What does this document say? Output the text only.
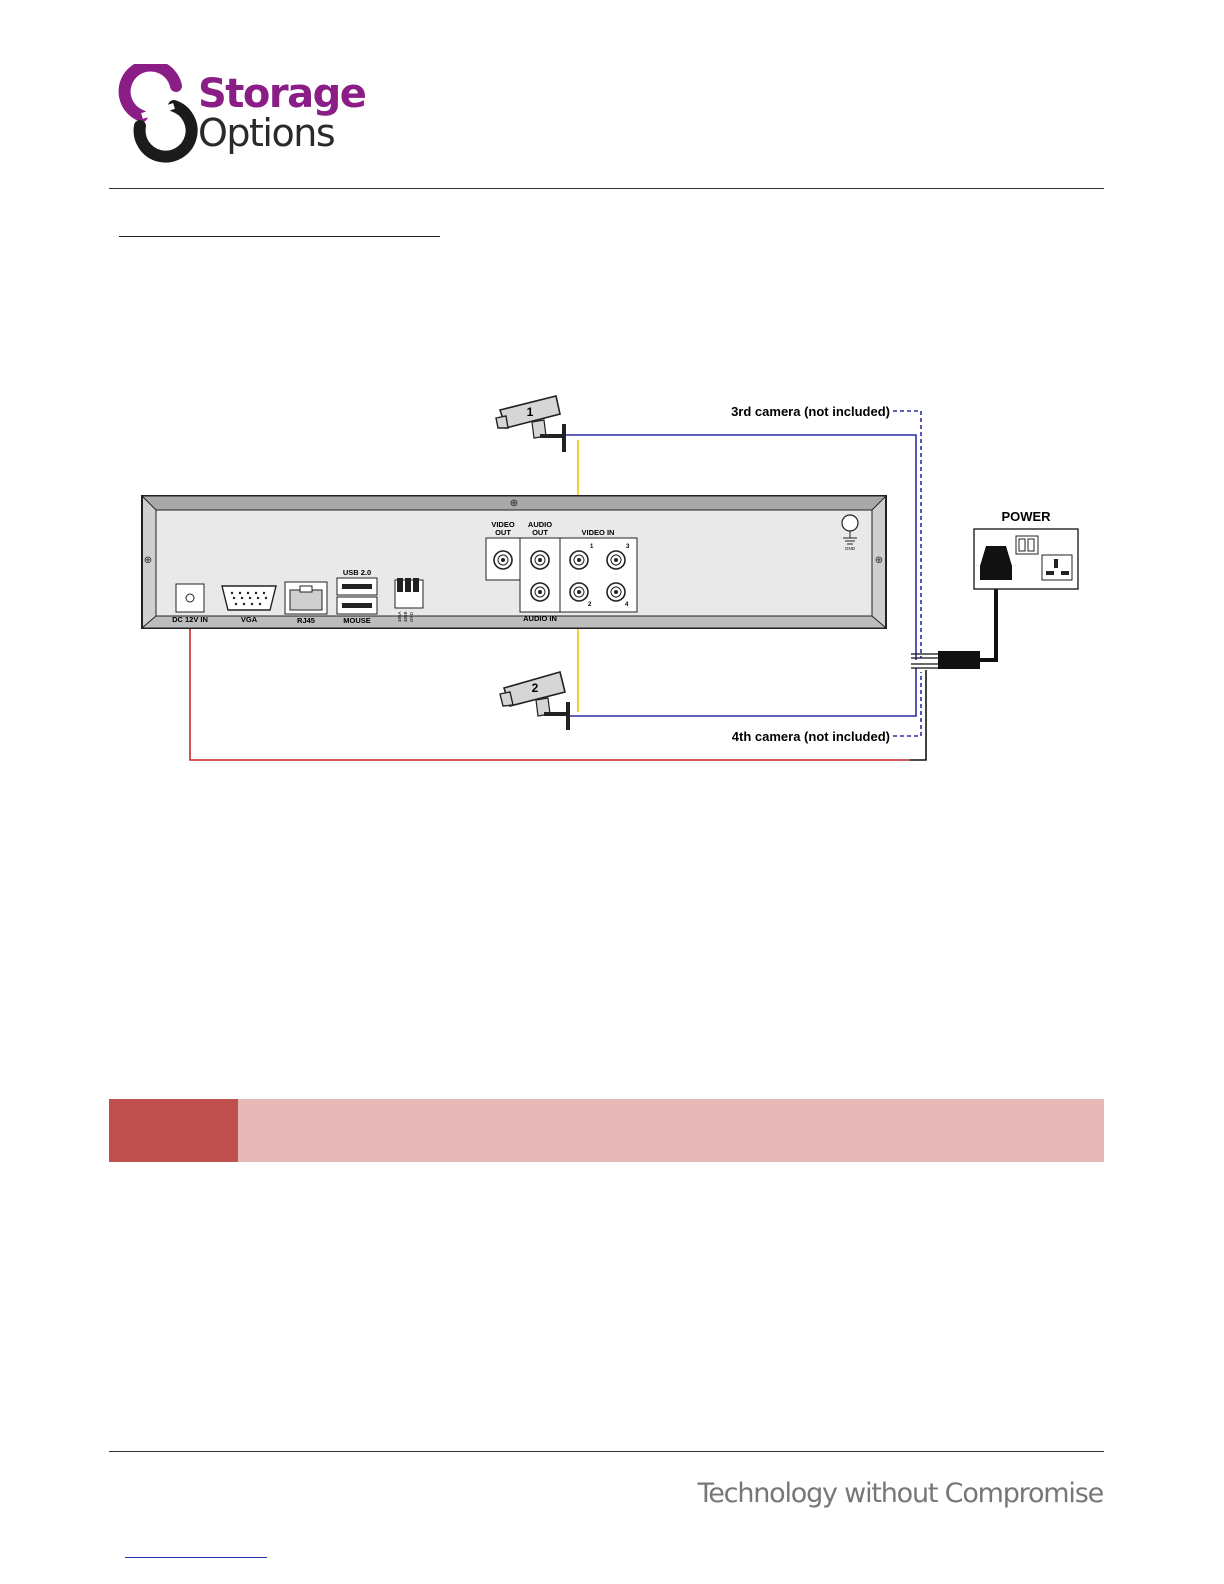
Storage
Options
⊕
⊕	⊕
DC 12V IN	VGA	RJ45
USB 2.0
MOUSE	485A 485B GND
VIDEO
OUT
AUDIO
OUT	VIDEO IN
1	3
2	4
AUDIO IN
GND
1
2
3rd camera (not included)
4th camera (not included)
POWER
Technology without Compromise
